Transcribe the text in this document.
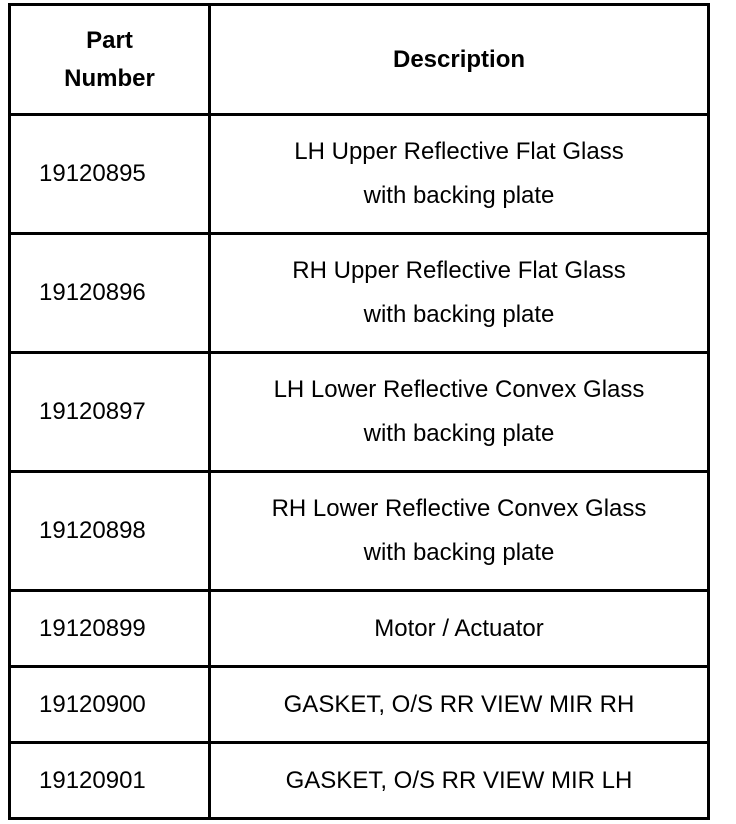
Part
Number	Description
19120895	LH Upper Reflective Flat Glass
with backing plate

19120896	RH Upper Reflective Flat Glass
with backing plate

19120897	LH Lower Reflective Convex Glass
with backing plate

19120898	RH Lower Reflective Convex Glass
with backing plate

19120899	Motor / Actuator
19120900	GASKET, O/S RR VIEW MIR RH
19120901	GASKET, O/S RR VIEW MIR LH
